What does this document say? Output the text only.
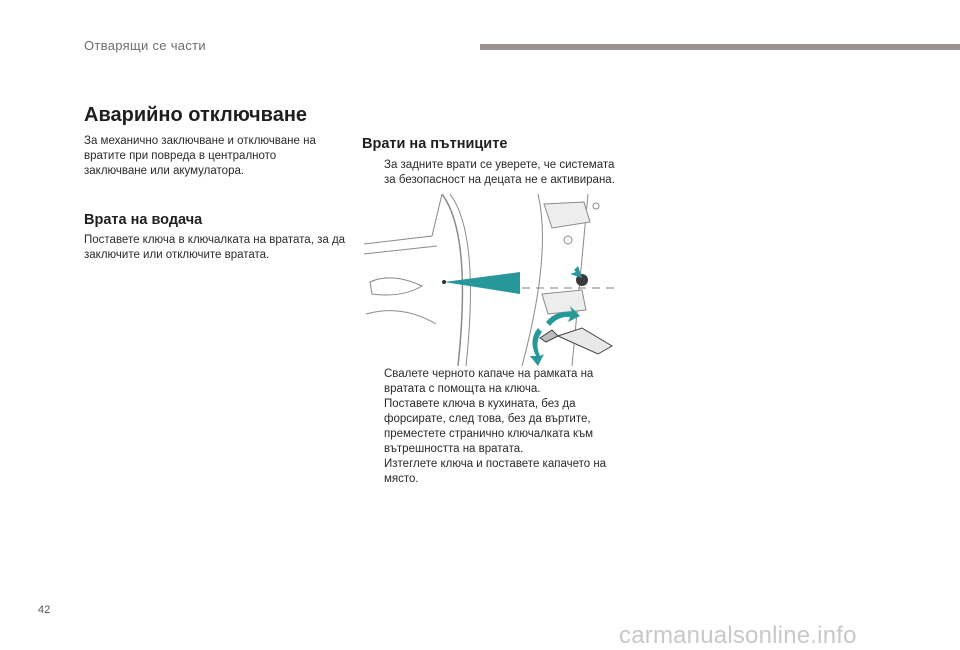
Отварящи се части
Аварийно отключване

За механично заключване и отключване на вратите при повреда в централното заключване или акумулатора.

Врата на водача

Поставете ключа в ключалката на вратата, за да заключите или отключите вратата.

Врати на пътниците
За задните врати се уверете, че системата за безопасност на децата не е активирана.
Свалете черното капаче на рамката на вратата с помощта на ключа.
Поставете ключа в кухината, без да форсирате, след това, без да въртите, преместете странично ключалката към вътрешността на вратата.
Изтеглете ключа и поставете капачето на място.
42
carmanualsonline.info
